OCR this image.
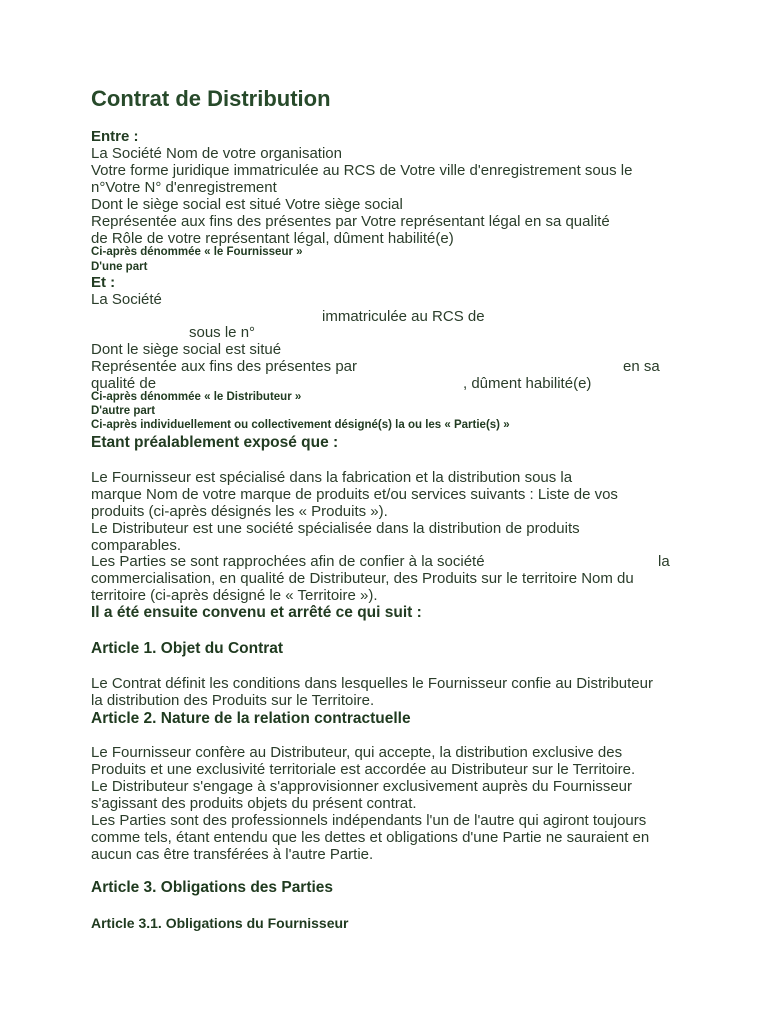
Contrat de Distribution
Entre :
La Société Nom de votre organisation
Votre forme juridique immatriculée au RCS de Votre ville d'enregistrement sous le
n°Votre N° d'enregistrement
Dont le siège social est situé Votre siège social
Représentée aux fins des présentes par Votre représentant légal en sa qualité
de Rôle de votre représentant légal, dûment habilité(e)
Ci-après dénommée « le Fournisseur »
D'une part
Et :
La Société
immatriculée au RCS de
sous le n°
Dont le siège social est situé
Représentée aux fins des présentes par	en sa
qualité de	, dûment habilité(e)
Ci-après dénommée « le Distributeur »
D'autre part
Ci-après individuellement ou collectivement désigné(s) la ou les « Partie(s) »
Etant préalablement exposé que :
Le Fournisseur est spécialisé dans la fabrication et la distribution sous la
marque Nom de votre marque de produits et/ou services suivants : Liste de vos
produits (ci-après désignés les « Produits »).
Le Distributeur est une société spécialisée dans la distribution de produits
comparables.
Les Parties se sont rapprochées afin de confier à la société	la
commercialisation, en qualité de Distributeur, des Produits sur le territoire Nom du
territoire (ci-après désigné le « Territoire »).
Il a été ensuite convenu et arrêté ce qui suit :
Article 1. Objet du Contrat
Le Contrat définit les conditions dans lesquelles le Fournisseur confie au Distributeur
la distribution des Produits sur le Territoire.
Article 2. Nature de la relation contractuelle
Le Fournisseur confère au Distributeur, qui accepte, la distribution exclusive des
Produits et une exclusivité territoriale est accordée au Distributeur sur le Territoire.
Le Distributeur s'engage à s'approvisionner exclusivement auprès du Fournisseur
s'agissant des produits objets du présent contrat.
Les Parties sont des professionnels indépendants l'un de l'autre qui agiront toujours
comme tels, étant entendu que les dettes et obligations d'une Partie ne sauraient en
aucun cas être transférées à l'autre Partie.
Article 3. Obligations des Parties
Article 3.1. Obligations du Fournisseur
